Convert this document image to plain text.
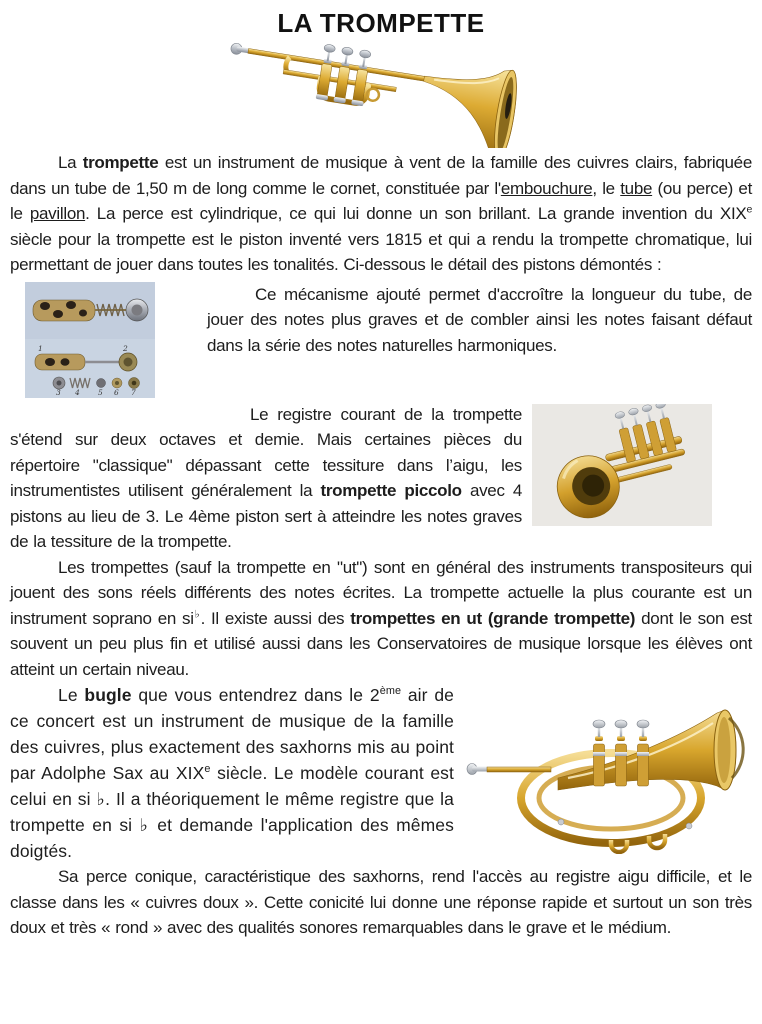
LA TROMPETTE

La trompette est un instrument de musique à vent de la famille des cuivres clairs, fabriquée dans un tube de 1,50 m de long comme le cornet, constituée par l'embouchure, le tube (ou perce) et le pavillon. La perce est cylindrique, ce qui lui donne un son brillant. La grande invention du XIXe siècle pour la trompette est le piston inventé vers 1815 et qui a rendu la trompette chromatique, lui permettant de jouer dans toutes les tonalités. Ci-dessous le détail des pistons démontés :

1	2
3 4 5 6 7

Ce mécanisme ajouté permet d'accroître la longueur du tube, de jouer des notes plus graves et de combler ainsi les notes faisant défaut dans la série des notes naturelles harmoniques.

Le registre courant de la trompette s'étend sur deux octaves et demie. Mais certaines pièces du répertoire "classique" dépassant cette tessiture dans l’aigu, les instrumentistes utilisent généralement la trompette piccolo avec 4 pistons au lieu de 3. Le 4ème piston sert à atteindre les notes graves de la tessiture de la trompette.

Les trompettes (sauf la trompette en "ut") sont en général des instruments transpositeurs qui jouent des sons réels différents des notes écrites. La trompette actuelle la plus courante est un instrument soprano en si♭. Il existe aussi des trompettes en ut (grande trompette) dont le son est souvent un peu plus fin et utilisé aussi dans les Conservatoires de musique lorsque les élèves ont atteint un certain niveau.

Le bugle que vous entendrez dans le 2ème air de ce concert est un instrument de musique de la famille des cuivres, plus exactement des saxhorns mis au point par Adolphe Sax au XIXe siècle. Le modèle courant est celui en si ♭. Il a théoriquement le même registre que la trompette en si ♭ et demande l'application des mêmes doigtés.

Sa perce conique, caractéristique des saxhorns, rend l'accès au registre aigu difficile, et le classe dans les « cuivres doux ». Cette conicité lui donne une réponse rapide et surtout un son très doux et très « rond » avec des qualités sonores remarquables dans le grave et le médium.
